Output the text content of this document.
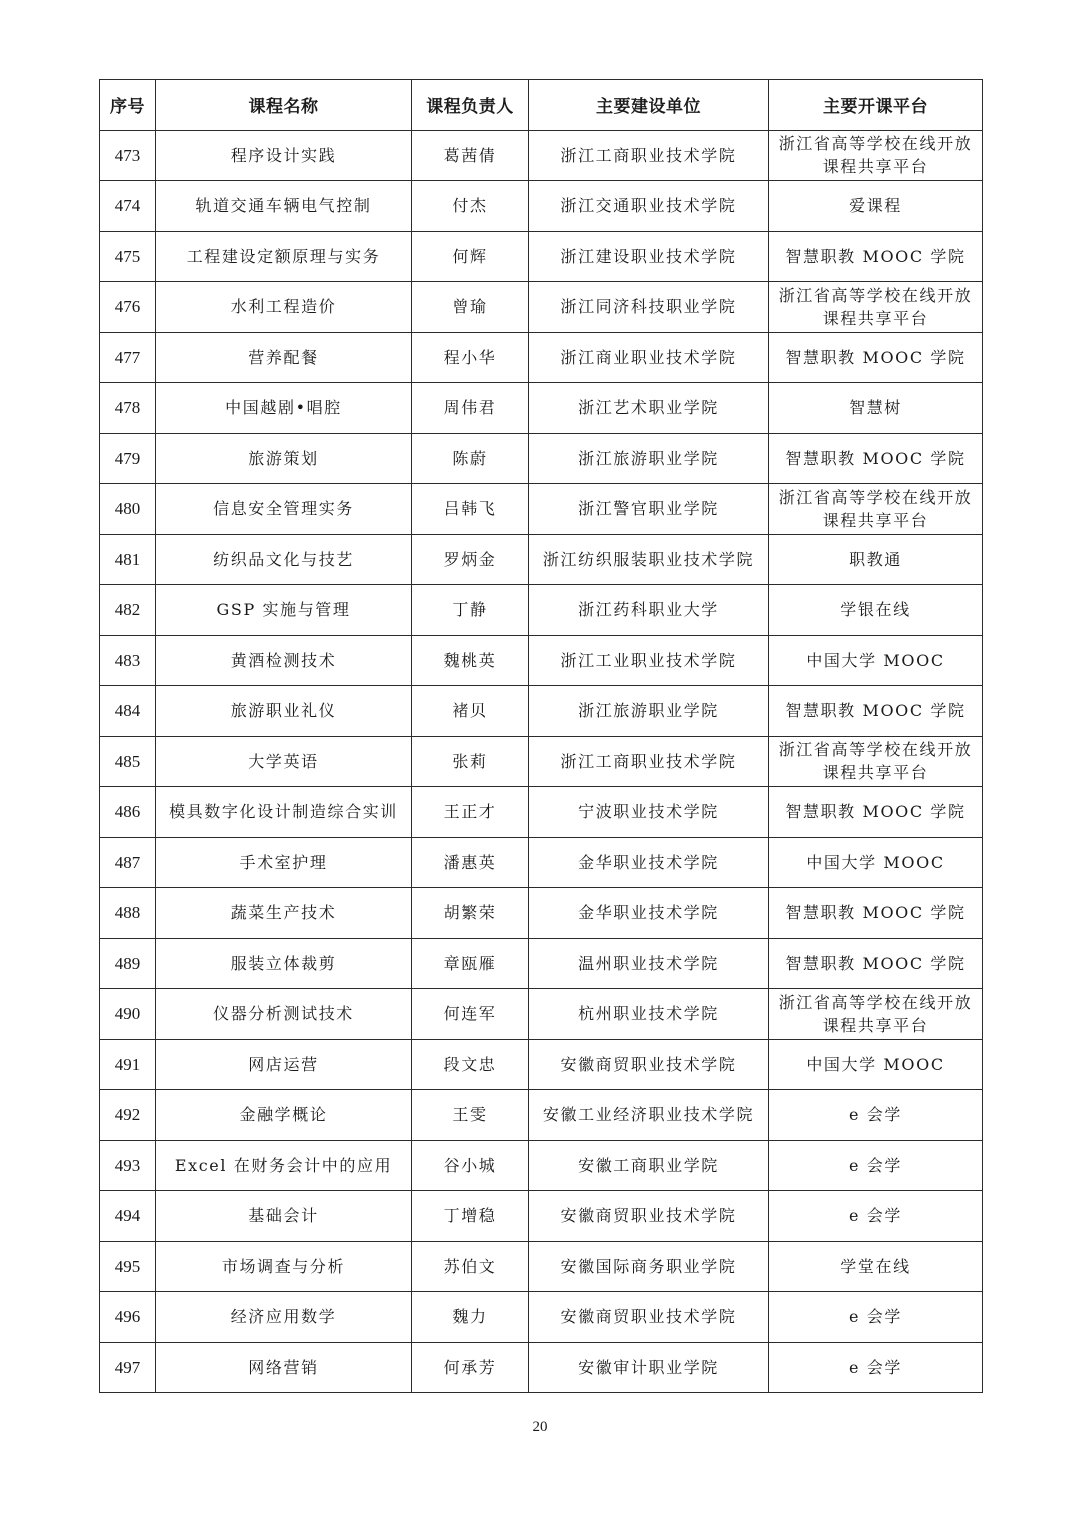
序号	课程名称	课程负责人	主要建设单位	主要开课平台
473	程序设计实践	葛茜倩	浙江工商职业技术学院	浙江省高等学校在线开放课程共享平台
474	轨道交通车辆电气控制	付杰	浙江交通职业技术学院	爱课程
475	工程建设定额原理与实务	何辉	浙江建设职业技术学院	智慧职教 MOOC 学院
476	水利工程造价	曾瑜	浙江同济科技职业学院	浙江省高等学校在线开放课程共享平台
477	营养配餐	程小华	浙江商业职业技术学院	智慧职教 MOOC 学院
478	中国越剧•唱腔	周伟君	浙江艺术职业学院	智慧树
479	旅游策划	陈蔚	浙江旅游职业学院	智慧职教 MOOC 学院
480	信息安全管理实务	吕韩飞	浙江警官职业学院	浙江省高等学校在线开放课程共享平台
481	纺织品文化与技艺	罗炳金	浙江纺织服装职业技术学院	职教通
482	GSP 实施与管理	丁静	浙江药科职业大学	学银在线
483	黄酒检测技术	魏桃英	浙江工业职业技术学院	中国大学 MOOC
484	旅游职业礼仪	褚贝	浙江旅游职业学院	智慧职教 MOOC 学院
485	大学英语	张莉	浙江工商职业技术学院	浙江省高等学校在线开放课程共享平台
486	模具数字化设计制造综合实训	王正才	宁波职业技术学院	智慧职教 MOOC 学院
487	手术室护理	潘惠英	金华职业技术学院	中国大学 MOOC
488	蔬菜生产技术	胡繁荣	金华职业技术学院	智慧职教 MOOC 学院
489	服装立体裁剪	章瓯雁	温州职业技术学院	智慧职教 MOOC 学院
490	仪器分析测试技术	何连军	杭州职业技术学院	浙江省高等学校在线开放课程共享平台
491	网店运营	段文忠	安徽商贸职业技术学院	中国大学 MOOC
492	金融学概论	王雯	安徽工业经济职业技术学院	e 会学
493	Excel 在财务会计中的应用	谷小城	安徽工商职业学院	e 会学
494	基础会计	丁增稳	安徽商贸职业技术学院	e 会学
495	市场调查与分析	苏伯文	安徽国际商务职业学院	学堂在线
496	经济应用数学	魏力	安徽商贸职业技术学院	e 会学
497	网络营销	何承芳	安徽审计职业学院	e 会学
20
